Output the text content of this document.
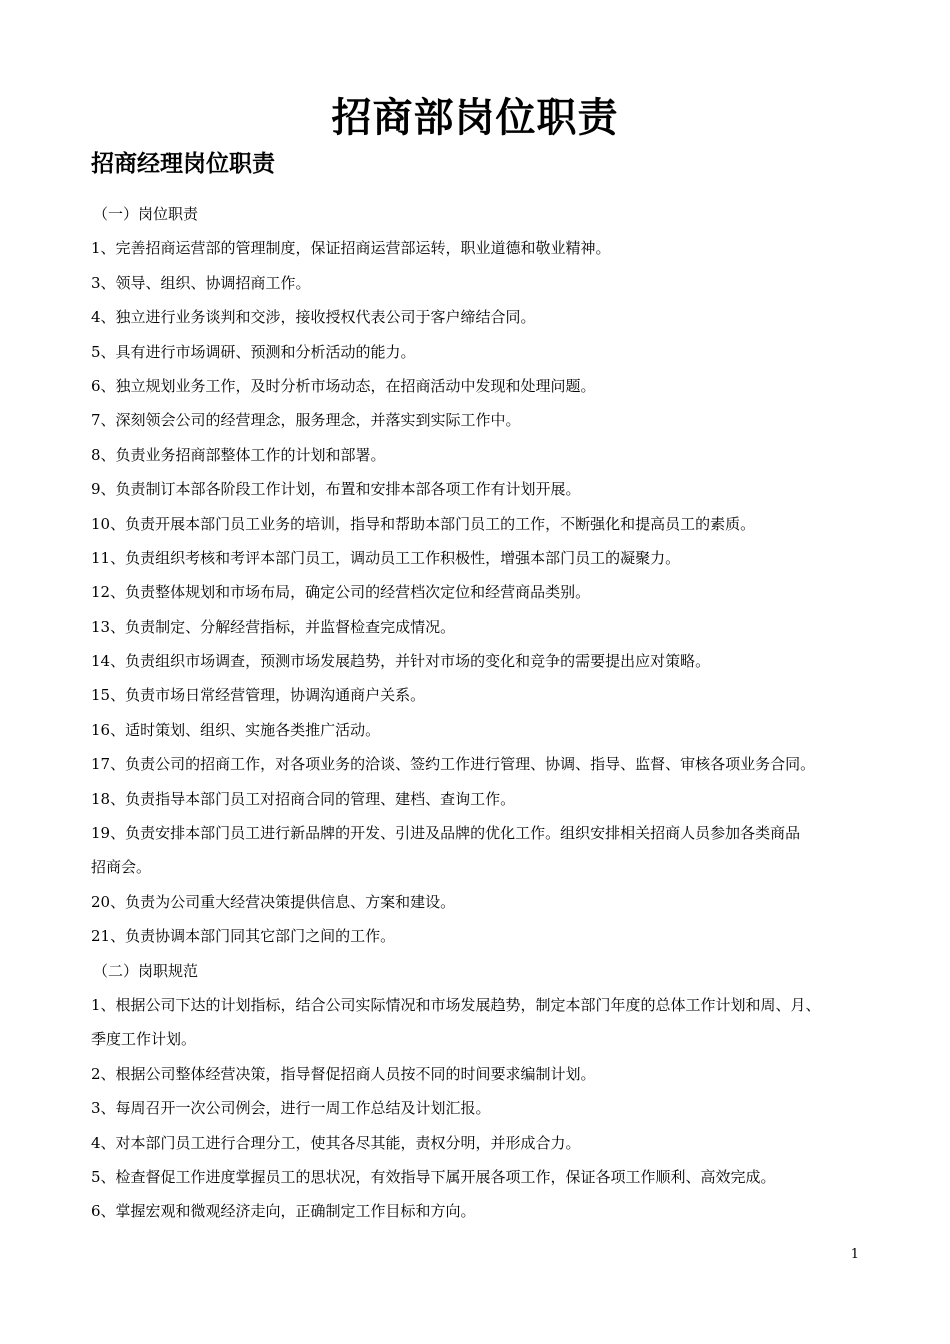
招商部岗位职责
招商经理岗位职责

（一）岗位职责

1、完善招商运营部的管理制度，保证招商运营部运转，职业道德和敬业精神。

3、领导、组织、协调招商工作。

4、独立进行业务谈判和交涉，接收授权代表公司于客户缔结合同。

5、具有进行市场调研、预测和分析活动的能力。

6、独立规划业务工作，及时分析市场动态，在招商活动中发现和处理问题。

7、深刻领会公司的经营理念，服务理念，并落实到实际工作中。

8、负责业务招商部整体工作的计划和部署。

9、负责制订本部各阶段工作计划，布置和安排本部各项工作有计划开展。

10、负责开展本部门员工业务的培训，指导和帮助本部门员工的工作，不断强化和提高员工的素质。

11、负责组织考核和考评本部门员工，调动员工工作积极性，增强本部门员工的凝聚力。

12、负责整体规划和市场布局，确定公司的经营档次定位和经营商品类别。

13、负责制定、分解经营指标，并监督检查完成情况。

14、负责组织市场调查，预测市场发展趋势，并针对市场的变化和竞争的需要提出应对策略。

15、负责市场日常经营管理，协调沟通商户关系。

16、适时策划、组织、实施各类推广活动。

17、负责公司的招商工作，对各项业务的洽谈、签约工作进行管理、协调、指导、监督、审核各项业务合同。

18、负责指导本部门员工对招商合同的管理、建档、查询工作。

19、负责安排本部门员工进行新品牌的开发、引进及品牌的优化工作。组织安排相关招商人员参加各类商品

招商会。

20、负责为公司重大经营决策提供信息、方案和建设。

21、负责协调本部门同其它部门之间的工作。

（二）岗职规范

1、根据公司下达的计划指标，结合公司实际情况和市场发展趋势，制定本部门年度的总体工作计划和周、月、

季度工作计划。

2、根据公司整体经营决策，指导督促招商人员按不同的时间要求编制计划。

3、每周召开一次公司例会，进行一周工作总结及计划汇报。

4、对本部门员工进行合理分工，使其各尽其能，责权分明，并形成合力。

5、检查督促工作进度掌握员工的思状况，有效指导下属开展各项工作，保证各项工作顺利、高效完成。

6、掌握宏观和微观经济走向，正确制定工作目标和方向。

1
